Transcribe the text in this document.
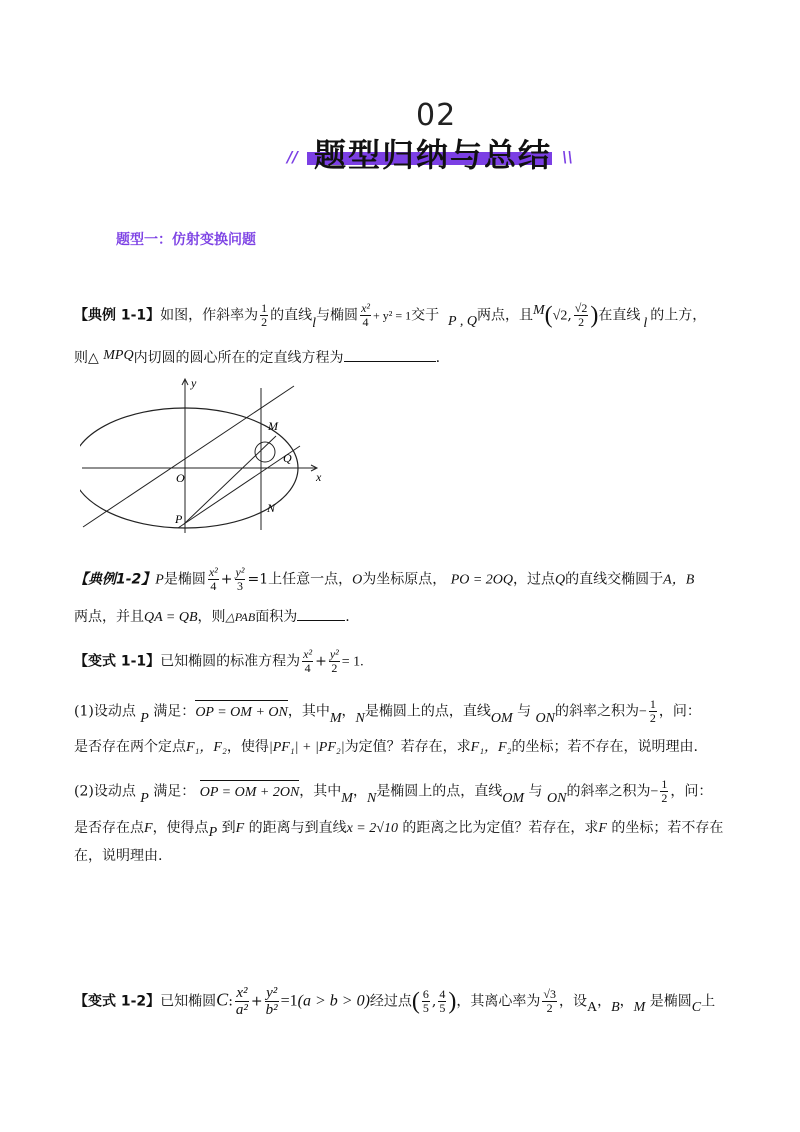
02
题型归纳与总结
//	\\
题型一：仿射变换问题
【典例 1-1】如图，作斜率为 $\frac{1}{2}$ 的直线l与椭圆 $\frac{\text{x²}}{4} + y^2 = 1$交于 P , Q两点，且M(√2, $\frac{√2}{2}$ )在直线 l 的上方，
则△ MPQ内切圆的圆心所在的定直线方程为	.
y
x
O
M
Q
P
N
【典例1-2】P是椭圆 $\frac{\text{x²}}{4} + \frac{\text{y²}}{3} =1$上任意一点，O为坐标原点， PO = 2OQ，过点Q的直线交椭圆于A，B
两点，并且QA = QB，则△PAB面积为	.
【变式 1-1】已知椭圆的标准方程为 $\frac{\text{x²}}{4} + \frac{\text{y²}}{2} = 1$.
(1)设动点 P 满足：OP = OM + ON，其中M，N是椭圆上的点，直线OM 与 ON的斜率之积为− $\frac{1}{2}$ ，问：
是否存在两个定点F₁，F₂，使得|PF₁| + |PF₂|为定值？若存在，求F₁，F₂的坐标；若不存在，说明理由.
(2)设动点 P 满足： OP = OM + 2ON，其中M，N是椭圆上的点，直线OM 与 ON的斜率之积为− $\frac{1}{2}$ ，问：
是否存在点F，使得点P 到F 的距离与到直线x = 2√10 的距离之比为定值？若存在，求F 的坐标；若不存在
在，说明理由.
【变式 1-2】已知椭圆C: $\frac{\text{x²}}{\text{a²}} + \frac{\text{y²}}{\text{b²}} =1(a > b > 0)$经过点( $\frac{6}{5}$ , $\frac{4}{5}$ )，其离心率为 $\frac{√3}{2}$ ，设A，B，M 是椭圆C上
